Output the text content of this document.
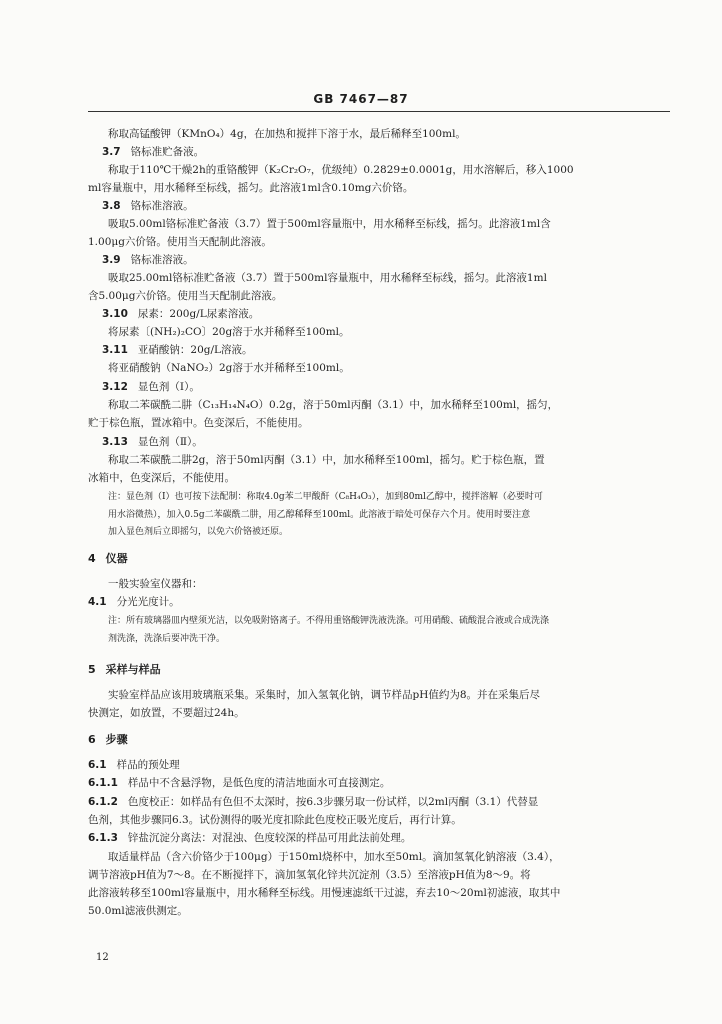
GB 7467—87
称取高锰酸钾（KMnO₄）4g，在加热和搅拌下溶于水，最后稀释至100ml。
3.7 铬标准贮备液。
称取于110℃干燥2h的重铬酸钾（K₂Cr₂O₇，优级纯）0.2829±0.0001g，用水溶解后，移入1000
ml容量瓶中，用水稀释至标线，摇匀。此溶液1ml含0.10mg六价铬。
3.8 铬标准溶液。
吸取5.00ml铬标准贮备液（3.7）置于500ml容量瓶中，用水稀释至标线，摇匀。此溶液1ml含
1.00μg六价铬。使用当天配制此溶液。
3.9 铬标准溶液。
吸取25.00ml铬标准贮备液（3.7）置于500ml容量瓶中，用水稀释至标线，摇匀。此溶液1ml
含5.00μg六价铬。使用当天配制此溶液。
3.10 尿素：200g/L尿素溶液。
将尿素〔(NH₂)₂CO〕20g溶于水并稀释至100ml。
3.11 亚硝酸钠：20g/L溶液。
将亚硝酸钠（NaNO₂）2g溶于水并稀释至100ml。
3.12 显色剂（Ⅰ）。
称取二苯碳酰二肼（C₁₃H₁₄N₄O）0.2g，溶于50ml丙酮（3.1）中，加水稀释至100ml，摇匀，
贮于棕色瓶，置冰箱中。色变深后，不能使用。
3.13 显色剂（Ⅱ）。
称取二苯碳酰二肼2g，溶于50ml丙酮（3.1）中，加水稀释至100ml，摇匀。贮于棕色瓶，置
冰箱中，色变深后，不能使用。
注：显色剂（Ⅰ）也可按下法配制：称取4.0g苯二甲酸酐（C₈H₄O₃），加到80ml乙醇中，搅拌溶解（必要时可
用水浴微热），加入0.5g二苯碳酰二肼，用乙醇稀释至100ml。此溶液于暗处可保存六个月。使用时要注意
加入显色剂后立即摇匀，以免六价铬被还原。
4 仪器
一般实验室仪器和：
4.1 分光光度计。
注：所有玻璃器皿内壁须光洁，以免吸附铬离子。不得用重铬酸钾洗液洗涤。可用硝酸、硫酸混合液或合成洗涤
剂洗涤，洗涤后要冲洗干净。
5 采样与样品
实验室样品应该用玻璃瓶采集。采集时，加入氢氧化钠，调节样品pH值约为8。并在采集后尽
快测定，如放置，不要超过24h。
6 步骤
6.1 样品的预处理
6.1.1 样品中不含悬浮物，是低色度的清洁地面水可直接测定。
6.1.2 色度校正：如样品有色但不太深时，按6.3步骤另取一份试样，以2ml丙酮（3.1）代替显
色剂，其他步骤同6.3。试份测得的吸光度扣除此色度校正吸光度后，再行计算。
6.1.3 锌盐沉淀分离法：对混浊、色度较深的样品可用此法前处理。
取适量样品（含六价铬少于100μg）于150ml烧杯中，加水至50ml。滴加氢氧化钠溶液（3.4），
调节溶液pH值为7～8。在不断搅拌下，滴加氢氧化锌共沉淀剂（3.5）至溶液pH值为8～9。将
此溶液转移至100ml容量瓶中，用水稀释至标线。用慢速滤纸干过滤，弃去10～20ml初滤液，取其中
50.0ml滤液供测定。
12
